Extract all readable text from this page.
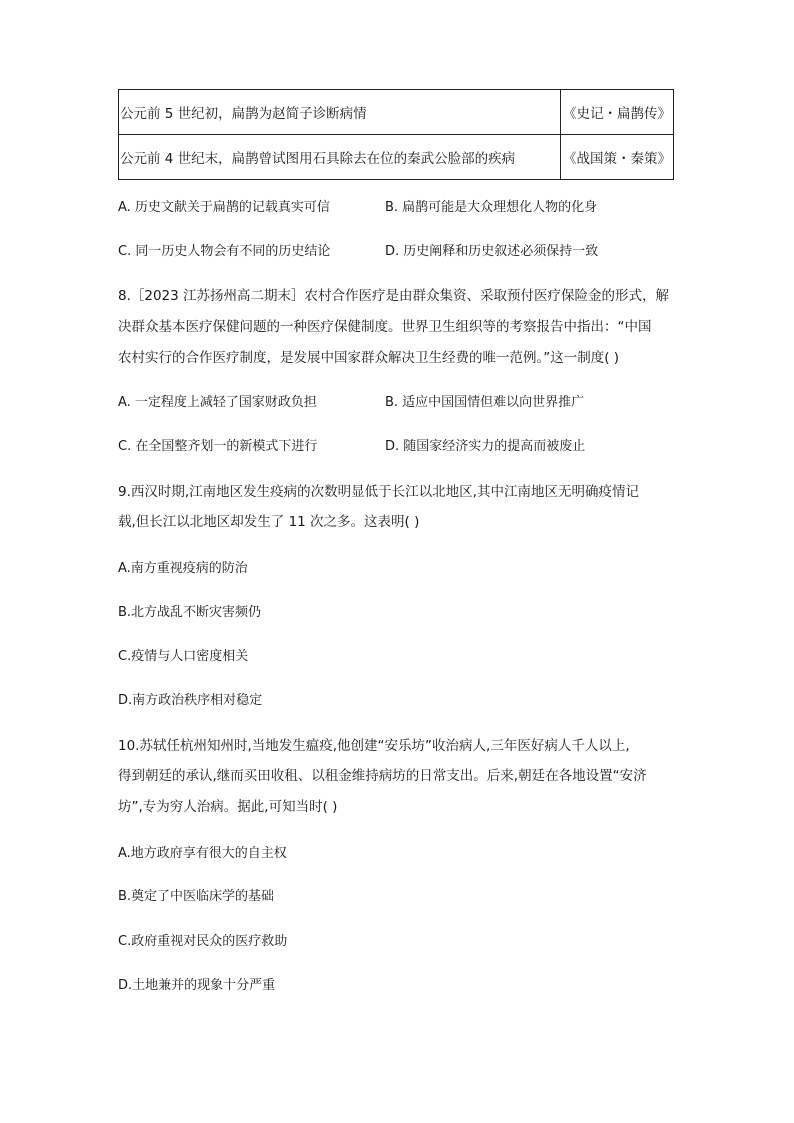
公元前 5 世纪初，扁鹊为赵简子诊断病情	《史记・扁鹊传》
公元前 4 世纪末，扁鹊曾试图用石具除去在位的秦武公脸部的疾病	《战国策・秦策》
A. 历史文献关于扁鹊的记载真实可信	B. 扁鹊可能是大众理想化人物的化身
C. 同一历史人物会有不同的历史结论	D. 历史阐释和历史叙述必须保持一致
8.［2023 江苏扬州高二期末］农村合作医疗是由群众集资、采取预付医疗保险金的形式，解
决群众基本医疗保健问题的一种医疗保健制度。世界卫生组织等的考察报告中指出：“中国
农村实行的合作医疗制度，是发展中国家群众解决卫生经费的唯一范例。”这一制度( )
A. 一定程度上减轻了国家财政负担	B. 适应中国国情但难以向世界推广
C. 在全国整齐划一的新模式下进行	D. 随国家经济实力的提高而被废止
9.西汉时期,江南地区发生疫病的次数明显低于长江以北地区,其中江南地区无明确疫情记
载,但长江以北地区却发生了 11 次之多。这表明( )
A.南方重视疫病的防治
B.北方战乱不断灾害频仍
C.疫情与人口密度相关
D.南方政治秩序相对稳定
10.苏轼任杭州知州时,当地发生瘟疫,他创建“安乐坊”收治病人,三年医好病人千人以上,
得到朝廷的承认,继而买田收租、以租金维持病坊的日常支出。后来,朝廷在各地设置“安济
坊”,专为穷人治病。据此,可知当时( )
A.地方政府享有很大的自主权
B.奠定了中医临床学的基础
C.政府重视对民众的医疗救助
D.土地兼并的现象十分严重
